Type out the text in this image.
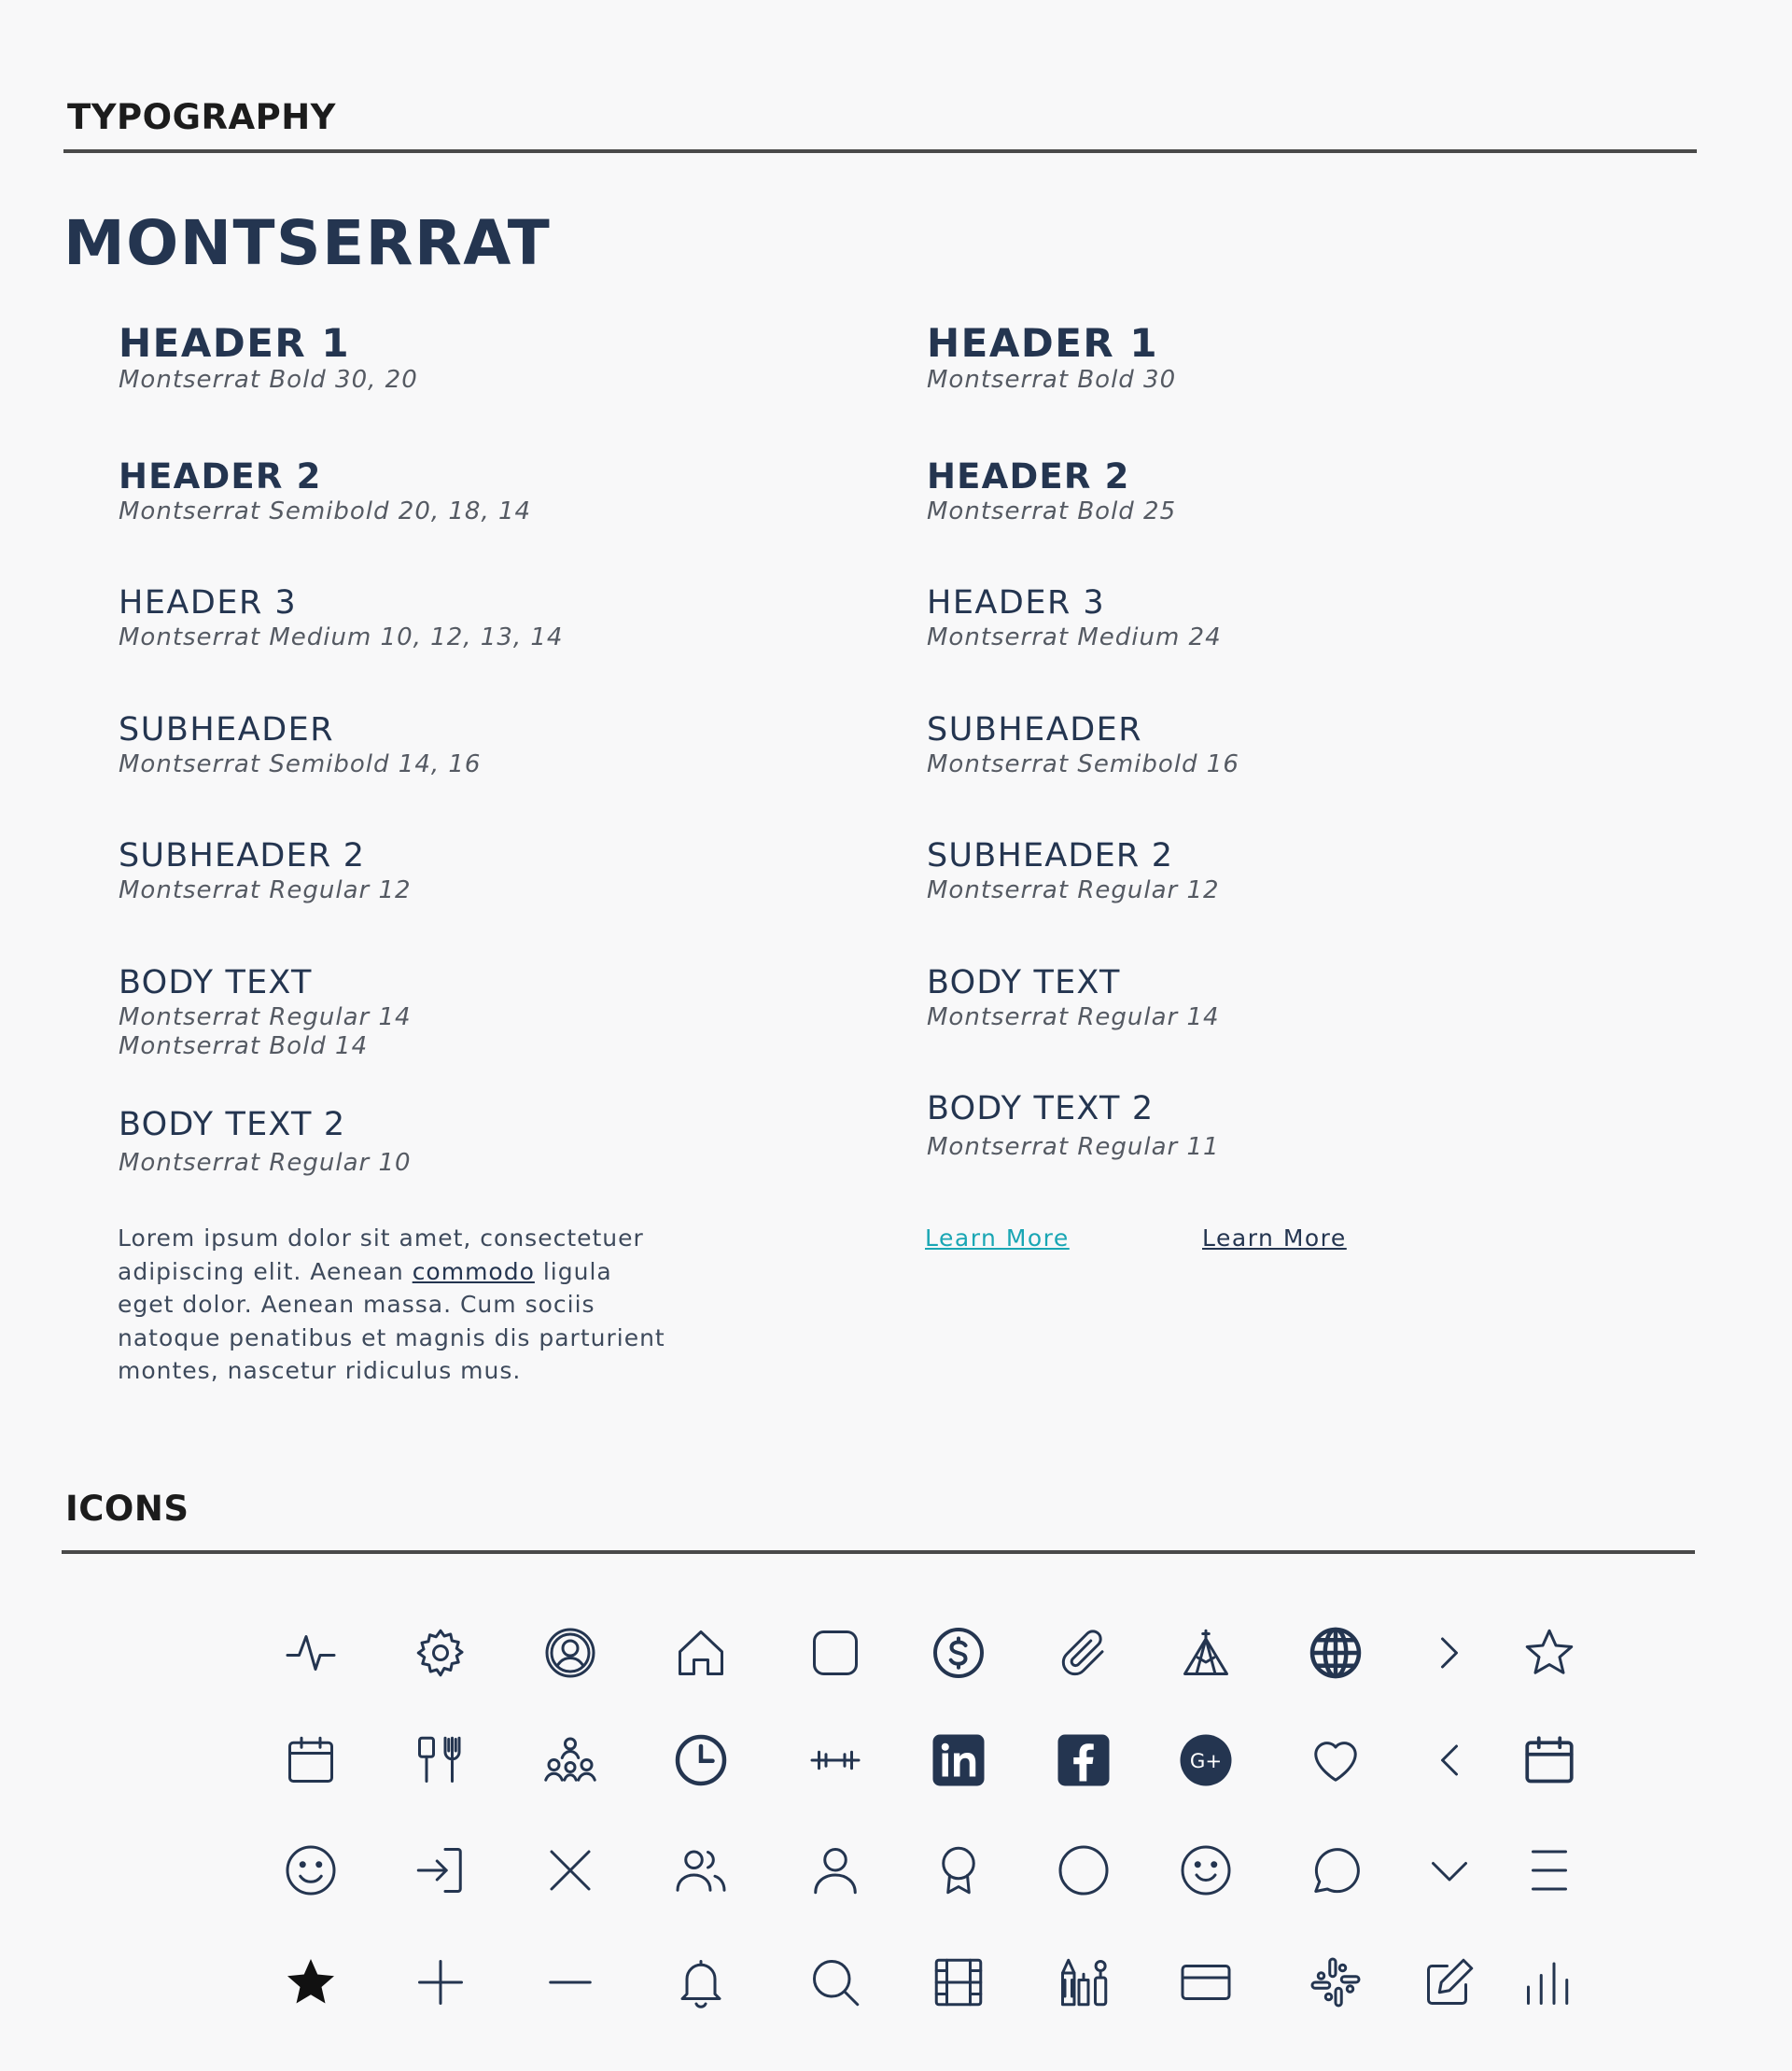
TYPOGRAPHY
MONTSERRAT
HEADER 1
Montserrat Bold 30, 20
HEADER 2
Montserrat Semibold 20, 18, 14
HEADER 3
Montserrat Medium 10, 12, 13, 14
SUBHEADER
Montserrat Semibold 14, 16
SUBHEADER 2
Montserrat Regular 12
BODY TEXT
Montserrat Regular 14
Montserrat Bold 14
BODY TEXT 2
Montserrat Regular 10
HEADER 1
Montserrat Bold 30
HEADER 2
Montserrat Bold 25
HEADER 3
Montserrat Medium 24
SUBHEADER
Montserrat Semibold 16
SUBHEADER 2
Montserrat Regular 12
BODY TEXT
Montserrat Regular 14
BODY TEXT 2
Montserrat Regular 11

Lorem ipsum dolor sit amet, consectetuer adipiscing elit. Aenean commodo ligula eget dolor. Aenean massa. Cum sociis natoque penatibus et magnis dis parturient montes, nascetur ridiculus mus.

Learn More	Learn More
ICONS
G+
